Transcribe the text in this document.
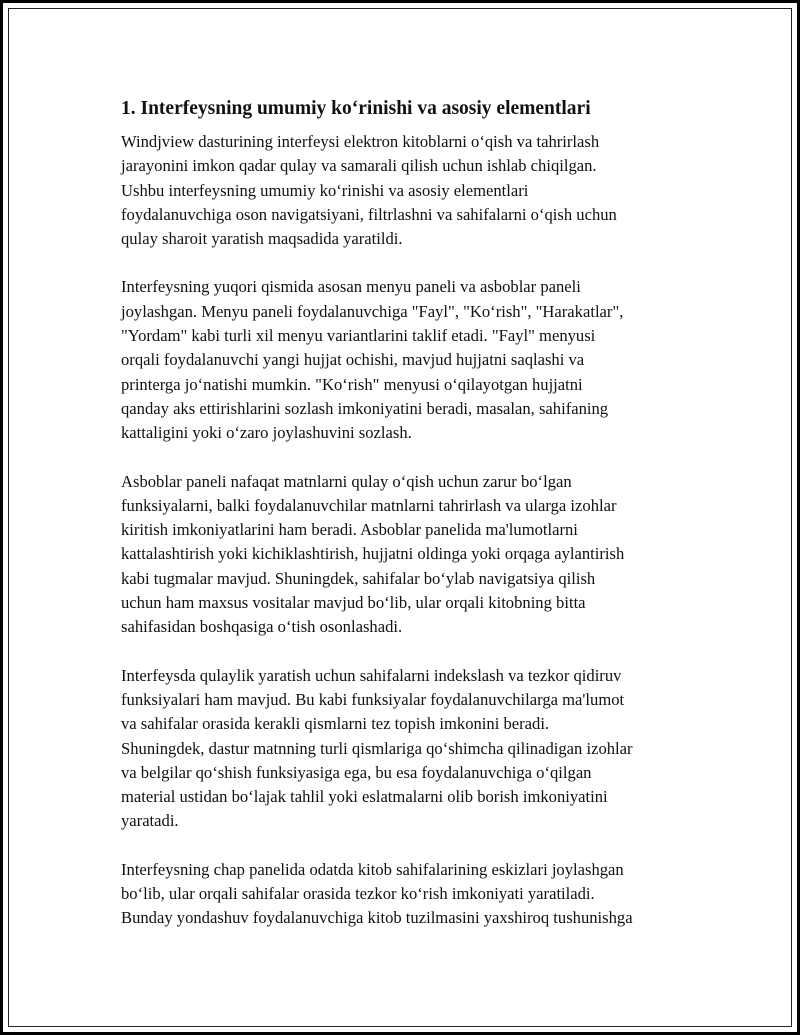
1. Interfeysning umumiy ko‘rinishi va asosiy elementlari
Windjview dasturining interfeysi elektron kitoblarni o‘qish va tahrirlash
jarayonini imkon qadar qulay va samarali qilish uchun ishlab chiqilgan.
Ushbu interfeysning umumiy ko‘rinishi va asosiy elementlari
foydalanuvchiga oson navigatsiyani, filtrlashni va sahifalarni o‘qish uchun
qulay sharoit yaratish maqsadida yaratildi.
Interfeysning yuqori qismida asosan menyu paneli va asboblar paneli
joylashgan. Menyu paneli foydalanuvchiga "Fayl", "Ko‘rish", "Harakatlar",
"Yordam" kabi turli xil menyu variantlarini taklif etadi. "Fayl" menyusi
orqali foydalanuvchi yangi hujjat ochishi, mavjud hujjatni saqlashi va
printerga jo‘natishi mumkin. "Ko‘rish" menyusi o‘qilayotgan hujjatni
qanday aks ettirishlarini sozlash imkoniyatini beradi, masalan, sahifaning
kattaligini yoki o‘zaro joylashuvini sozlash.
Asboblar paneli nafaqat matnlarni qulay o‘qish uchun zarur bo‘lgan
funksiyalarni, balki foydalanuvchilar matnlarni tahrirlash va ularga izohlar
kiritish imkoniyatlarini ham beradi. Asboblar panelida ma'lumotlarni
kattalashtirish yoki kichiklashtirish, hujjatni oldinga yoki orqaga aylantirish
kabi tugmalar mavjud. Shuningdek, sahifalar bo‘ylab navigatsiya qilish
uchun ham maxsus vositalar mavjud bo‘lib, ular orqali kitobning bitta
sahifasidan boshqasiga o‘tish osonlashadi.
Interfeysda qulaylik yaratish uchun sahifalarni indekslash va tezkor qidiruv
funksiyalari ham mavjud. Bu kabi funksiyalar foydalanuvchilarga ma'lumot
va sahifalar orasida kerakli qismlarni tez topish imkonini beradi.
Shuningdek, dastur matnning turli qismlariga qo‘shimcha qilinadigan izohlar
va belgilar qo‘shish funksiyasiga ega, bu esa foydalanuvchiga o‘qilgan
material ustidan bo‘lajak tahlil yoki eslatmalarni olib borish imkoniyatini
yaratadi.
Interfeysning chap panelida odatda kitob sahifalarining eskizlari joylashgan
bo‘lib, ular orqali sahifalar orasida tezkor ko‘rish imkoniyati yaratiladi.
Bunday yondashuv foydalanuvchiga kitob tuzilmasini yaxshiroq tushunishga
